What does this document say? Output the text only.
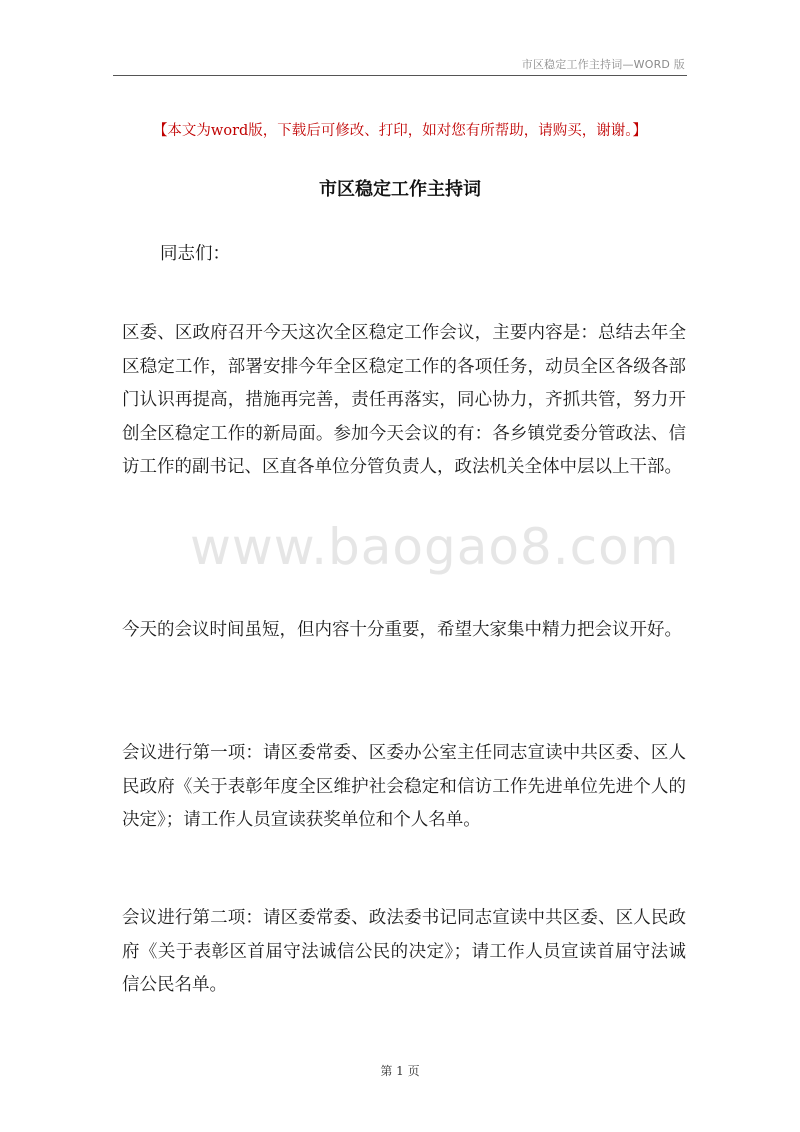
市区稳定工作主持词—WORD 版
www.baogao8.com
【本文为word版，下载后可修改、打印，如对您有所帮助，请购买，谢谢。】
市区稳定工作主持词
同志们：

区委、区政府召开今天这次全区稳定工作会议，主要内容是：总结去年全区稳定工作，部署安排今年全区稳定工作的各项任务，动员全区各级各部门认识再提高，措施再完善，责任再落实，同心协力，齐抓共管，努力开创全区稳定工作的新局面。参加今天会议的有：各乡镇党委分管政法、信访工作的副书记、区直各单位分管负责人，政法机关全体中层以上干部。

今天的会议时间虽短，但内容十分重要，希望大家集中精力把会议开好。

会议进行第一项：请区委常委、区委办公室主任同志宣读中共区委、区人民政府《关于表彰年度全区维护社会稳定和信访工作先进单位先进个人的决定》；请工作人员宣读获奖单位和个人名单。

会议进行第二项：请区委常委、政法委书记同志宣读中共区委、区人民政府《关于表彰区首届守法诚信公民的决定》；请工作人员宣读首届守法诚信公民名单。

第 1 页
